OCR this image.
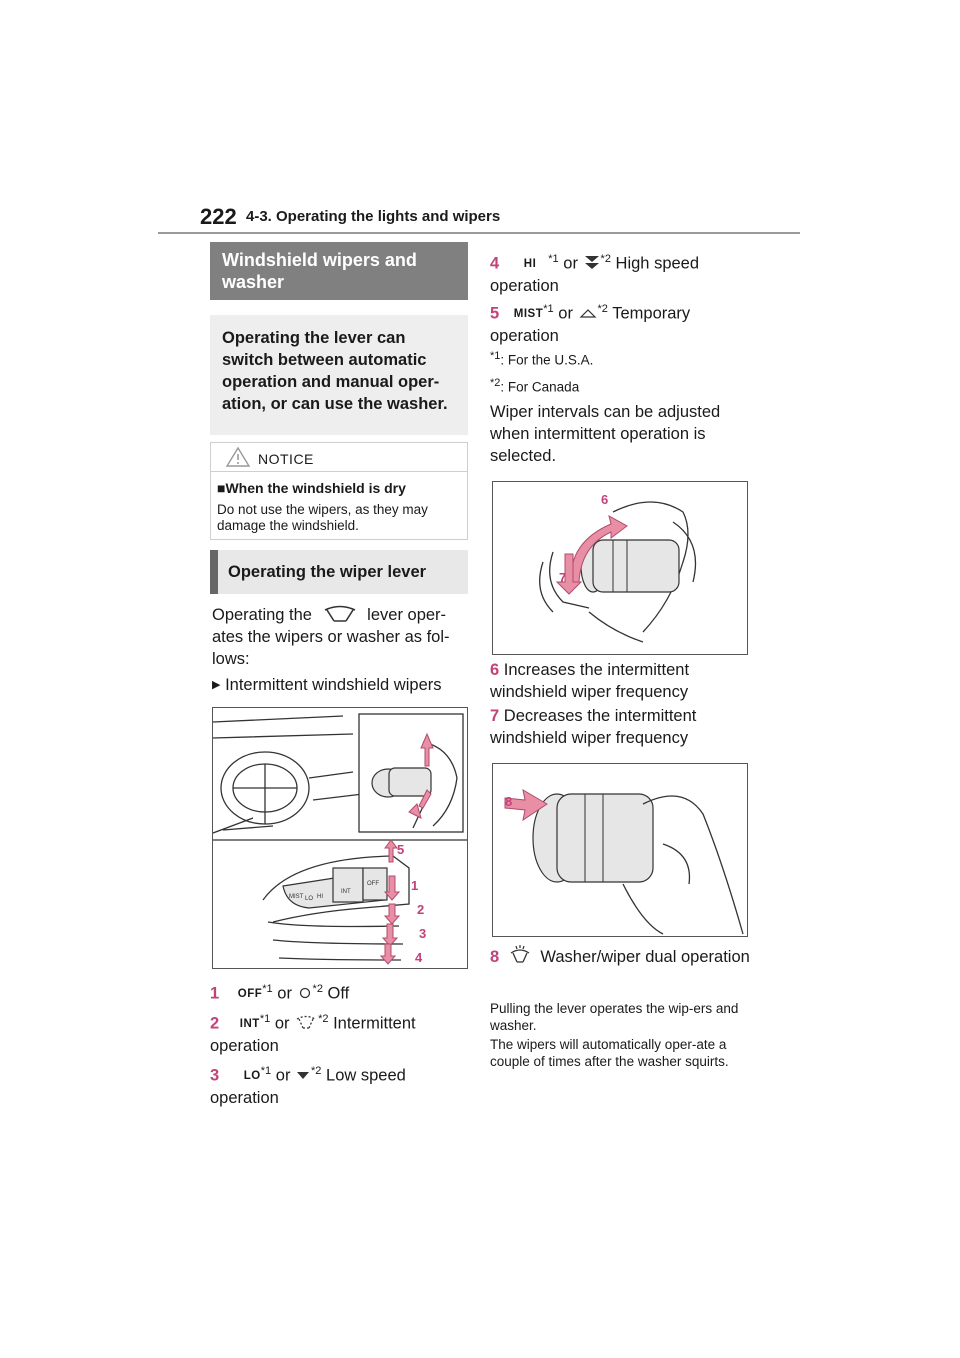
222 4-3. Operating the lights and wipers
Windshield wipers and washer
Operating the lever can switch between automatic operation and manual oper-ation, or can use the washer.
NOTICE
■When the windshield is dry
Do not use the wipers, as they may damage the windshield.
Operating the wiper lever
Operating the	lever oper-ates the wipers or washer as fol-lows:
▶ Intermittent windshield wipers
MIST
INT
OFF
LO HI
5
1
2
3
4
1 OFF$^{*1}$ or $^{*2}$ Off
2 INT$^{*1}$ or	$^{*2}$ Intermittent operation
3 LO$^{*1}$ or $^{*2}$ Low speed operation
4 HI $^{*1}$ or $^{*2}$ High speed operation
5 MIST$^{*1}$ or $^{*2}$ Temporary operation
$^{*1}$: For the U.S.A.
$^{*2}$: For Canada
Wiper intervals can be adjusted when intermittent operation is selected.
6
7
6 Increases the intermittent windshield wiper frequency
7 Decreases the intermittent windshield wiper frequency
8
8 Washer/wiper dual operation
Pulling the lever operates the wip-ers and washer.
The wipers will automatically oper-ate a couple of times after the washer squirts.
